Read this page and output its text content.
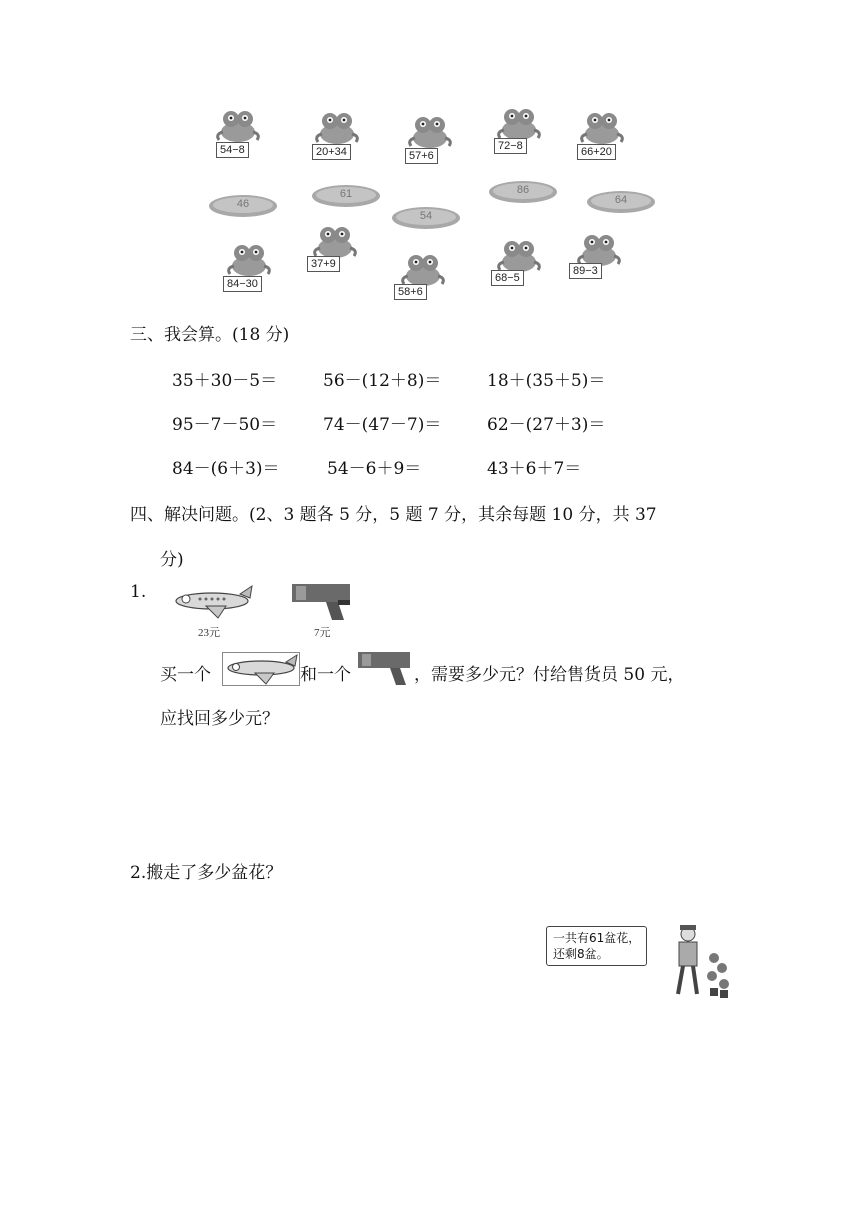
54−8	20+34	57+6
72−8	66+20
46
61
54
86
64
84−30
37+9
58+6
68−5
89−3
三、我会算。(18 分)
35＋30－5＝	56－(12＋8)＝	18＋(35＋5)＝
95－7－50＝	74－(47－7)＝	62－(27＋3)＝
84－(6＋3)＝	54－6＋9＝	43＋6＋7＝
四、解决问题。(2、3 题各 5 分，5 题 7 分，其余每题 10 分，共 37
分)
1.
23元	7元
买一个	和一个	，需要多少元？付给售货员 50 元，
应找回多少元？
2.搬走了多少盆花？
一共有61盆花，
还剩8盆。
